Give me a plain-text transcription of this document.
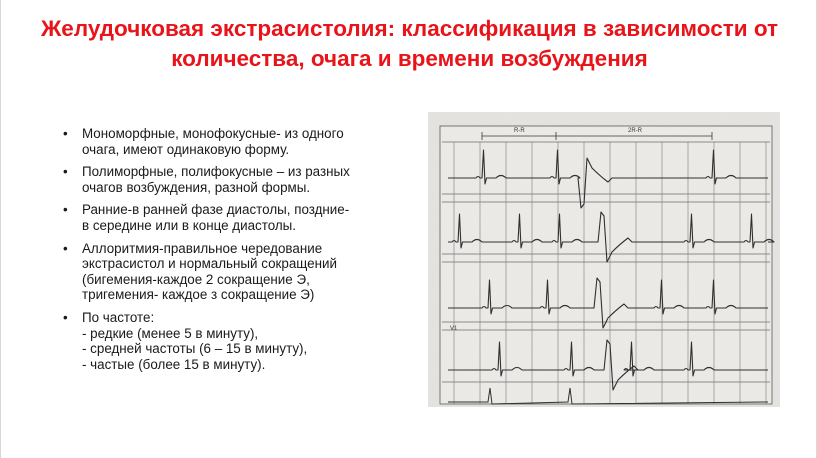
Желудочковая экстрасистолия: классификация в зависимости от
количества, очага и времени возбуждения
• Мономорфные, монофокусные- из одного
очага, имеют одинаковую форму.
• Полиморфные, полифокусные – из разных
очагов возбуждения, разной формы.
• Ранние-в ранней фазе диастолы, поздние-
в середине или в конце диастолы.
• Аллоритмия-правильное чередование
экстрасистол и нормальный сокращений
(бигемения-каждое 2 сокращение Э,
тригемения- каждое з сокращение Э)
• По частоте:
- редкие (менее 5 в минуту),
- средней частоты (6 – 15 в минуту),
- частые (более 15 в минуту).
